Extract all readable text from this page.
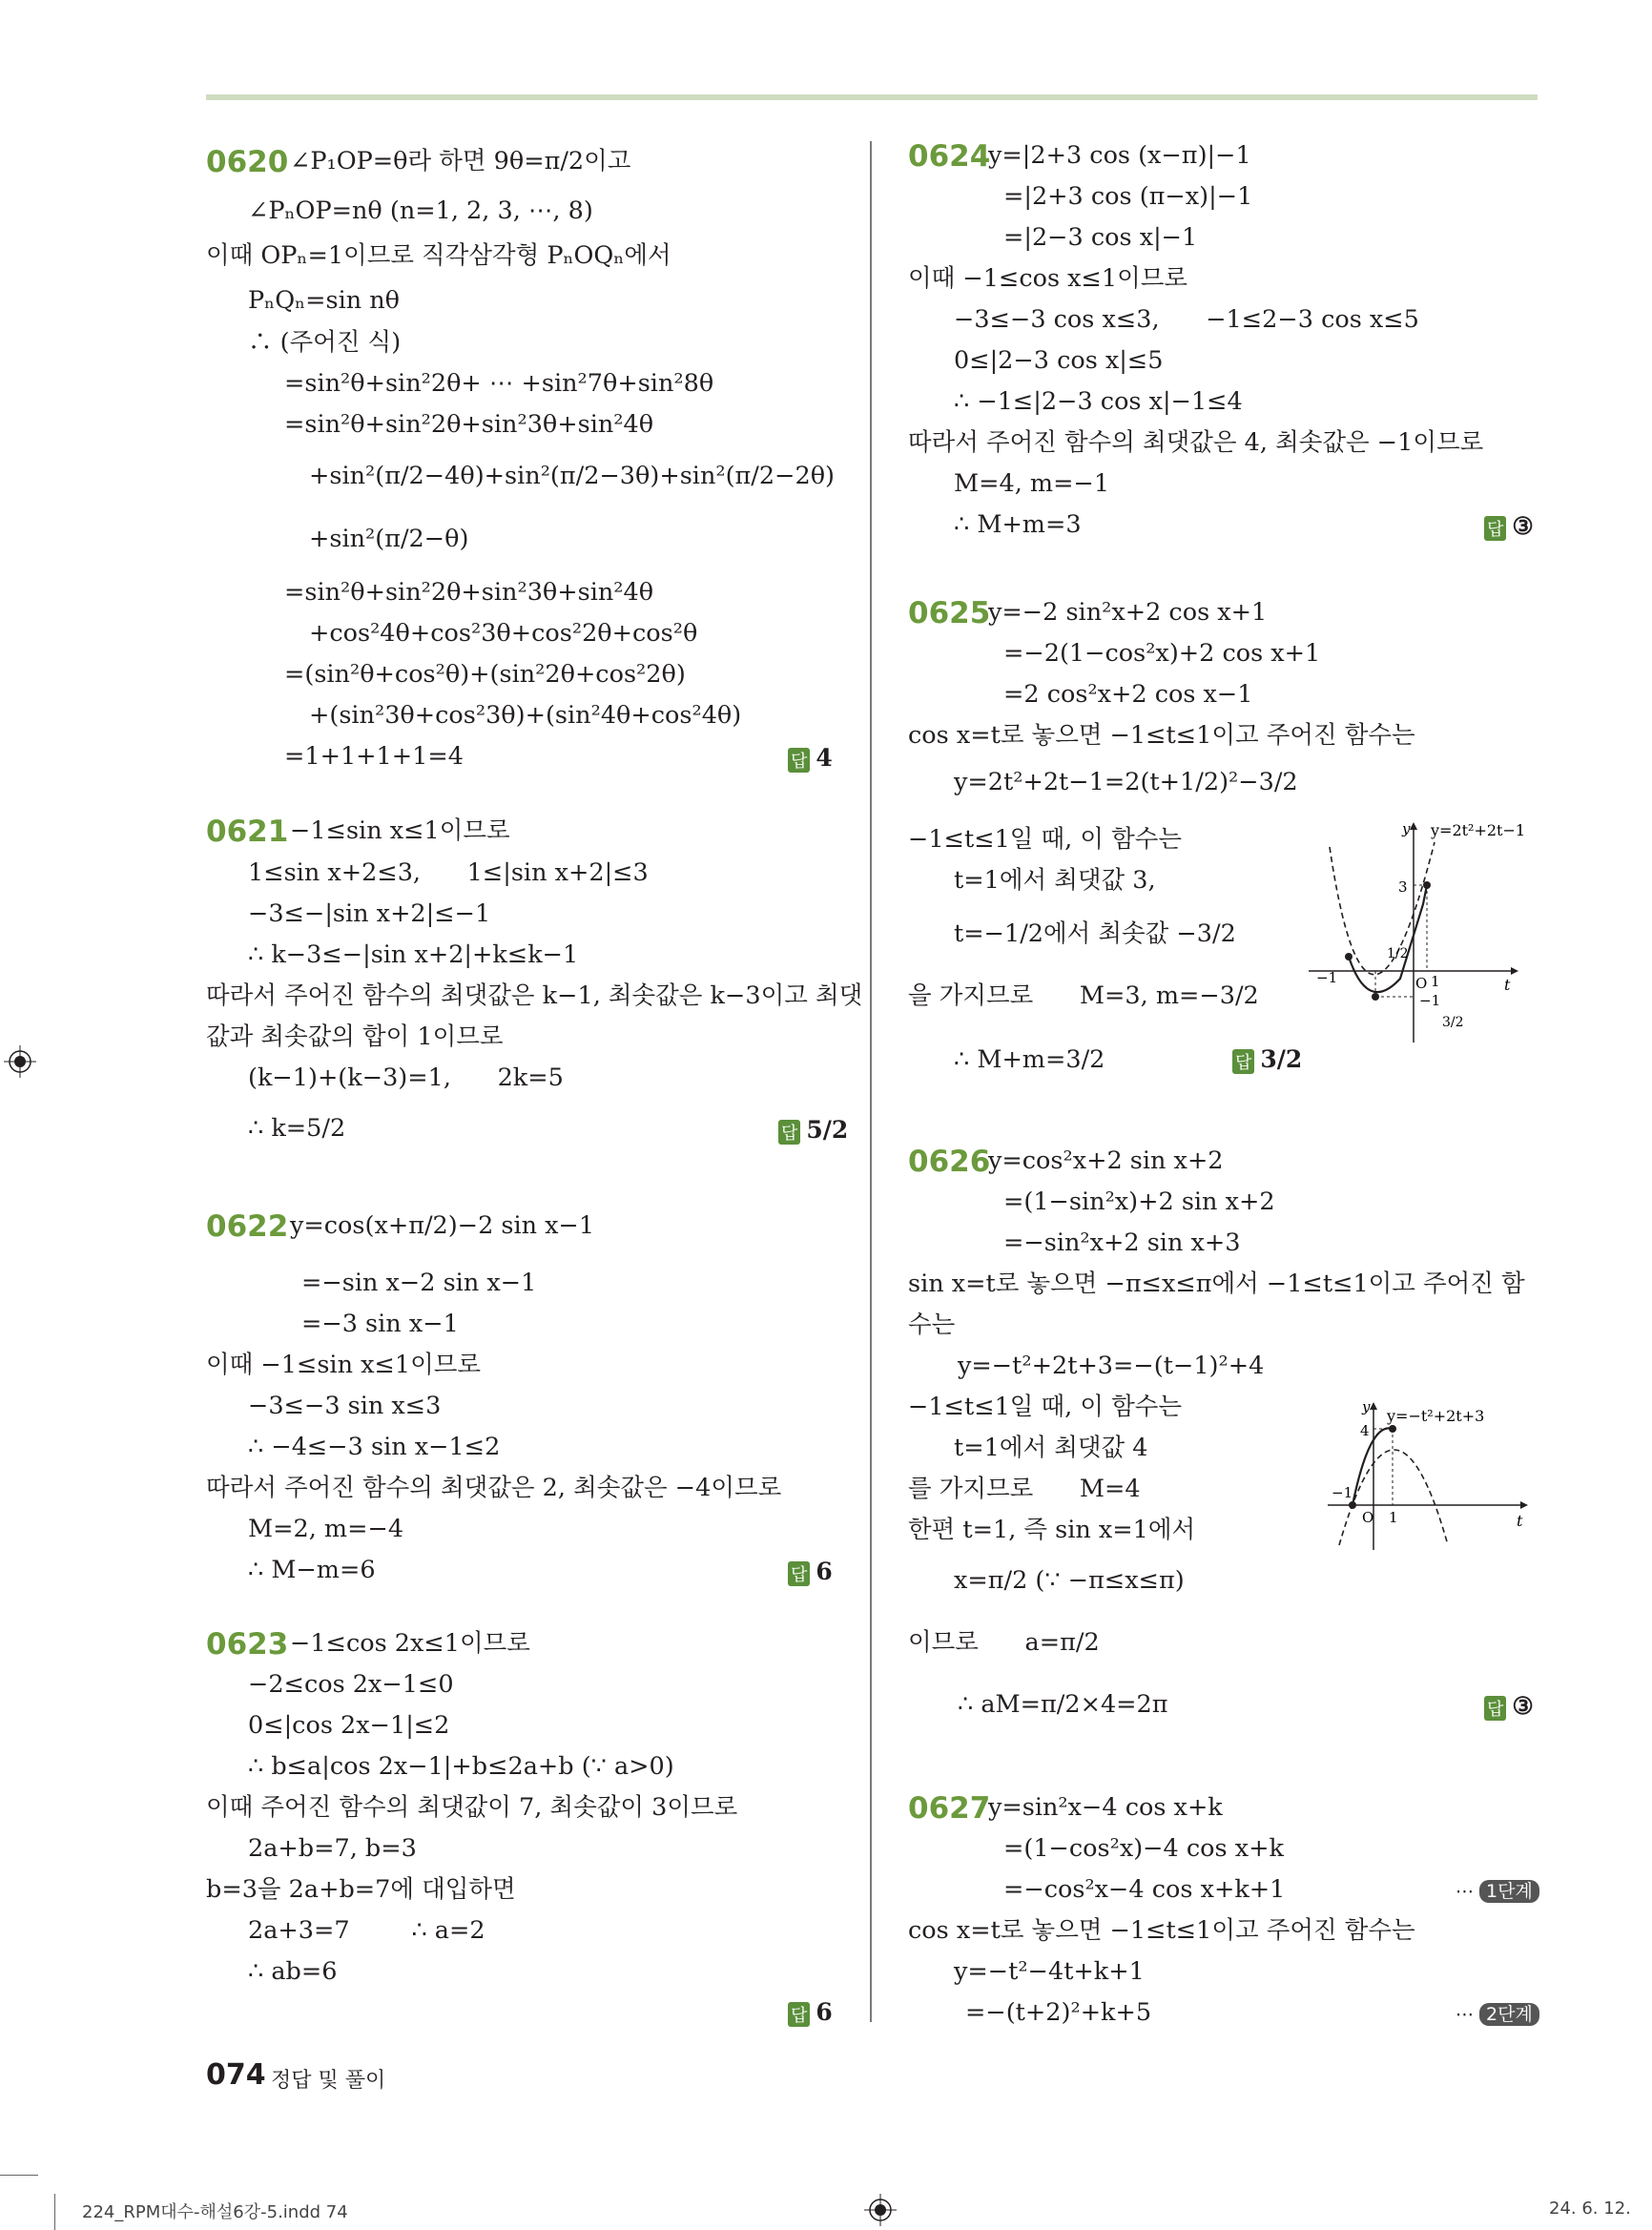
0620 ∠P₁OP=θ라 하면 9θ=π/2이고
∠PₙOP=nθ (n=1, 2, 3, ⋯, 8)
이때 OPₙ=1이므로 직각삼각형 PₙOQₙ에서
PₙQₙ=sin nθ
∴ (주어진 식)
=sin²θ+sin²2θ+ ⋯ +sin²7θ+sin²8θ
=sin²θ+sin²2θ+sin²3θ+sin²4θ
+sin²(π/2−4θ)+sin²(π/2−3θ)+sin²(π/2−2θ)
+sin²(π/2−θ)
=sin²θ+sin²2θ+sin²3θ+sin²4θ
+cos²4θ+cos²3θ+cos²2θ+cos²θ
=(sin²θ+cos²θ)+(sin²2θ+cos²2θ)
+(sin²3θ+cos²3θ)+(sin²4θ+cos²4θ)
=1+1+1+1=4	답 4
0621 −1≤sin x≤1이므로
1≤sin x+2≤3,      1≤|sin x+2|≤3
−3≤−|sin x+2|≤−1
∴ k−3≤−|sin x+2|+k≤k−1
따라서 주어진 함수의 최댓값은 k−1, 최솟값은 k−3이고 최댓
값과 최솟값의 합이 1이므로
(k−1)+(k−3)=1,      2k=5
∴ k=5/2	답 5/2
0622 y=cos(x+π/2)−2 sin x−1
=−sin x−2 sin x−1
=−3 sin x−1
이때 −1≤sin x≤1이므로
−3≤−3 sin x≤3
∴ −4≤−3 sin x−1≤2
따라서 주어진 함수의 최댓값은 2, 최솟값은 −4이므로
M=2, m=−4
∴ M−m=6	답 6
0623 −1≤cos 2x≤1이므로
−2≤cos 2x−1≤0
0≤|cos 2x−1|≤2
∴ b≤a|cos 2x−1|+b≤2a+b (∵ a>0)
이때 주어진 함수의 최댓값이 7, 최솟값이 3이므로
2a+b=7, b=3
b=3을 2a+b=7에 대입하면
2a+3=7        ∴ a=2
∴ ab=6
답 6
0624
y=|2+3 cos (x−π)|−1
=|2+3 cos (π−x)|−1
=|2−3 cos x|−1
이때 −1≤cos x≤1이므로
−3≤−3 cos x≤3,      −1≤2−3 cos x≤5
0≤|2−3 cos x|≤5
∴ −1≤|2−3 cos x|−1≤4
따라서 주어진 함수의 최댓값은 4, 최솟값은 −1이므로
M=4, m=−1
∴ M+m=3	답 ③
0625
y=−2 sin²x+2 cos x+1
=−2(1−cos²x)+2 cos x+1
=2 cos²x+2 cos x−1
cos x=t로 놓으면 −1≤t≤1이고 주어진 함수는
y=2t²+2t−1=2(t+1/2)²−3/2
−1≤t≤1일 때, 이 함수는
t=1에서 최댓값 3,
t=−1/2에서 최솟값 −3/2
을 가지므로      M=3, m=−3/2
∴ M+m=3/2	답 3/2
y y=2t²+2t−1
3
1/2
O 1
−1
−1
3/2
t
0626
y=cos²x+2 sin x+2
=(1−sin²x)+2 sin x+2
=−sin²x+2 sin x+3
sin x=t로 놓으면 −π≤x≤π에서 −1≤t≤1이고 주어진 함
수는
y=−t²+2t+3=−(t−1)²+4
−1≤t≤1일 때, 이 함수는
t=1에서 최댓값 4
를 가지므로      M=4
한편 t=1, 즉 sin x=1에서
x=π/2 (∵ −π≤x≤π)
이므로      a=π/2
∴ aM=π/2×4=2π	답 ③
y y=−t²+2t+3
4
−1
O 1	t
0627
y=sin²x−4 cos x+k
=(1−cos²x)−4 cos x+k
=−cos²x−4 cos x+k+1
cos x=t로 놓으면 −1≤t≤1이고 주어진 함수는
y=−t²−4t+k+1
=−(t+2)²+k+5
⋯ 1단계
⋯ 2단계
074 정답 및 풀이
224_RPM대수-해설6강-5.indd 74	24. 6. 12.
